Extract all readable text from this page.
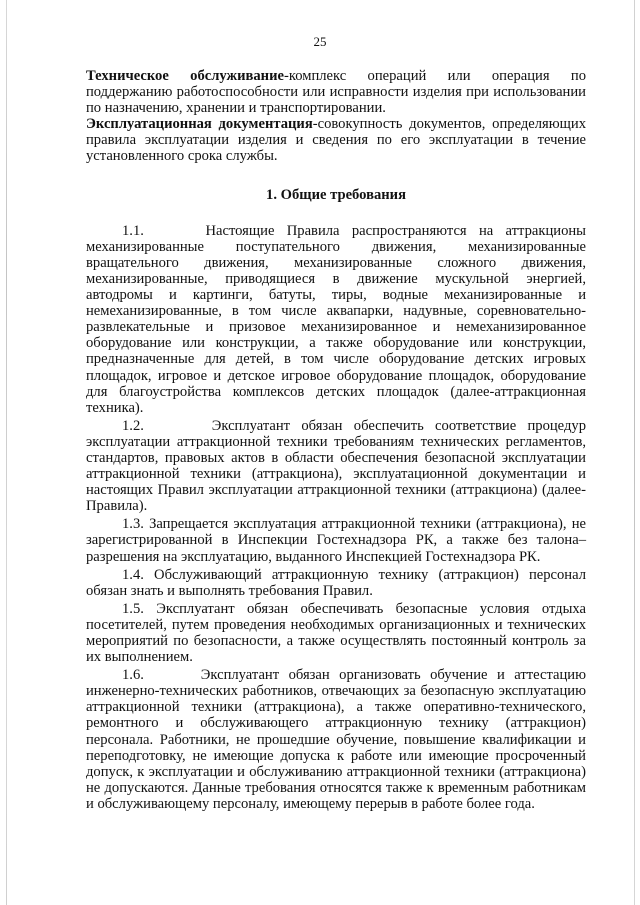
25

Техническое обслуживание-комплекс операций или операция по поддержанию работоспособности или исправности изделия при использовании по назначению, хранении и транспортировании.

Эксплуатационная документация-совокупность документов, определяющих правила эксплуатации изделия и сведения по его эксплуатации в течение установленного срока службы.

1. Общие требования

1.1.	Настоящие Правила распространяются на аттракционы механизированные поступательного движения, механизированные вращательного движения, механизированные сложного движения, механизированные, приводящиеся в движение мускульной энергией, автодромы и картинги, батуты, тиры, водные механизированные и немеханизированные, в том числе аквапарки, надувные, соревновательно-развлекательные и призовое механизированное и немеханизированное оборудование или конструкции, а также оборудование или конструкции, предназначенные для детей, в том числе оборудование детских игровых площадок, игровое и детское игровое оборудование площадок, оборудование для благоустройства комплексов детских площадок (далее-аттракционная техника).

1.2.	Эксплуатант обязан обеспечить соответствие процедур эксплуатации аттракционной техники требованиям технических регламентов, стандартов, правовых актов в области обеспечения безопасной эксплуатации аттракционной техники (аттракциона), эксплуатационной документации и настоящих Правил эксплуатации аттракционной техники (аттракциона) (далее-Правила).

1.3. Запрещается эксплуатация аттракционной техники (аттракциона), не зарегистрированной в Инспекции Гостехнадзора РК, а также без талона–разрешения на эксплуатацию, выданного Инспекцией Гостехнадзора РК.

1.4. Обслуживающий аттракционную технику (аттракцион) персонал обязан знать и выполнять требования Правил.

1.5. Эксплуатант обязан обеспечивать безопасные условия отдыха посетителей, путем проведения необходимых организационных и технических мероприятий по безопасности, а также осуществлять постоянный контроль за их выполнением.

1.6.	Эксплуатант обязан организовать обучение и аттестацию инженерно-технических работников, отвечающих за безопасную эксплуатацию аттракционной техники (аттракциона), а также оперативно-технического, ремонтного и обслуживающего аттракционную технику (аттракцион) персонала. Работники, не прошедшие обучение, повышение квалификации и переподготовку, не имеющие допуска к работе или имеющие просроченный допуск, к эксплуатации и обслуживанию аттракционной техники (аттракциона) не допускаются. Данные требования относятся также к временным работникам и обслуживающему персоналу, имеющему перерыв в работе более года.
